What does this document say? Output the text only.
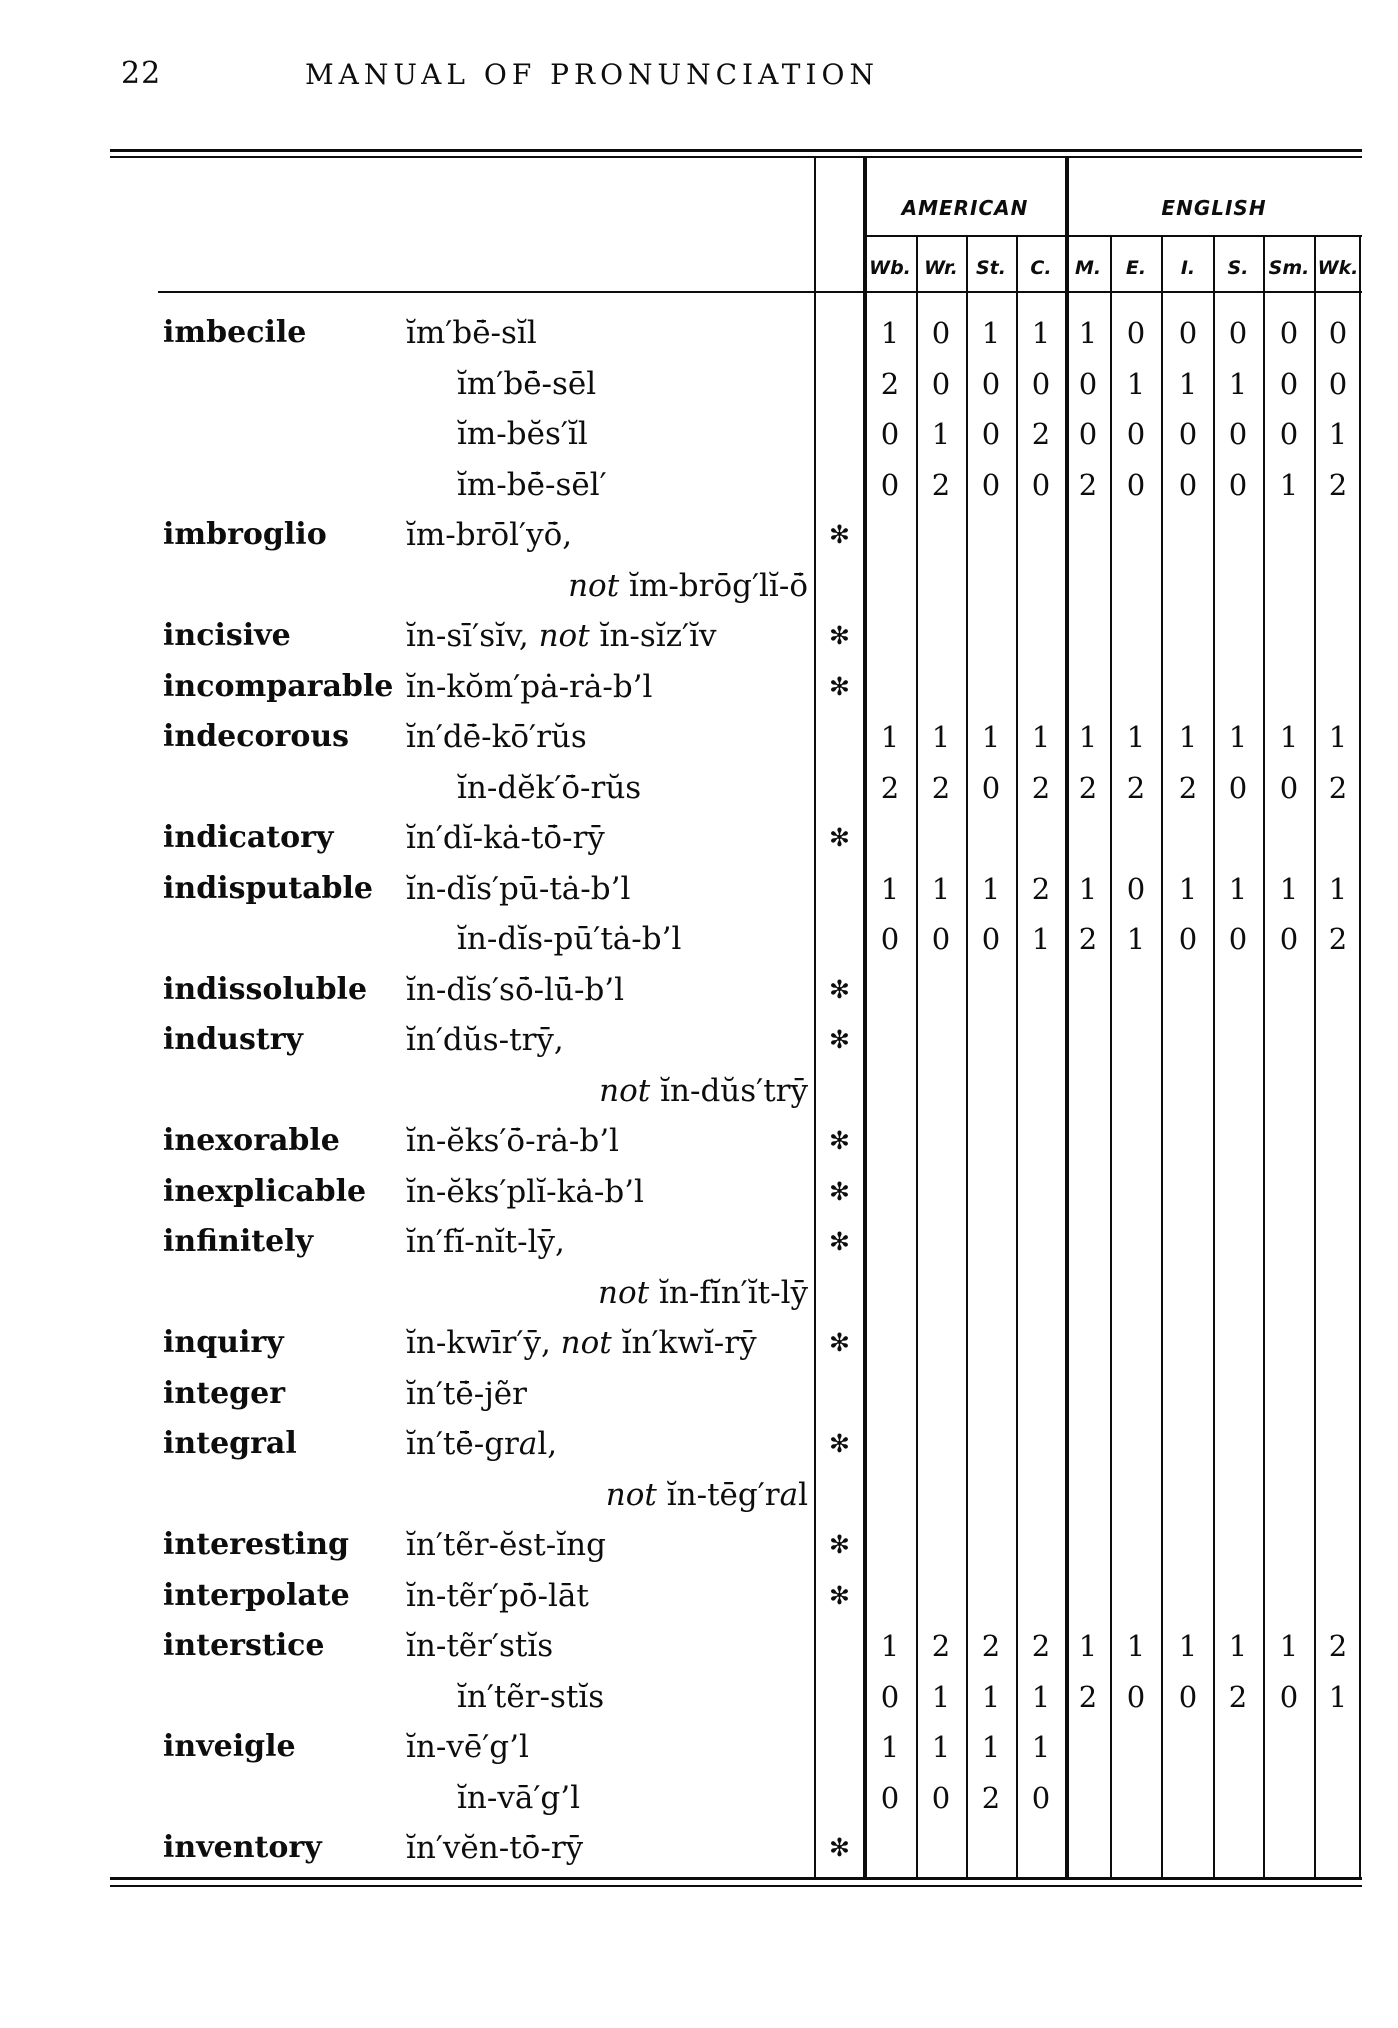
22	MANUAL OF PRONUNCIATION
AMERICAN	ENGLISH
Wb. Wr. St.	C.	M.	E.	I.	S.	Sm. Wk.
imbecile	ĭm′bē̇-sĭl	1	0	1	1 1	0	0	0	0	0
ĭm′bē̇-sēl	2	0	0	0 0	1	1	1	0	0
ĭm-bĕs′ĭl	0	1	0	2 0	0	0	0	0	1
ĭm-bē̇-sēl′	0	2	0	0 2	0	0	0	1	2
imbroglio	ĭm-brōl′yō̇,	✻
not ĭm-brōg′lĭ-ō̇
incisive	ĭn-sī′sĭv, not ĭn-sĭz′ĭv	✻
incomparable ĭn-kŏm′pȧ-rȧ-b’l	✻
indecorous ĭn′dē̇-kō′rŭs	1	1	1	1 1	1	1	1	1	1
ĭn-dĕk′ō̇-rŭs	2	2	0	2 2	2	2	0	0	2
indicatory ĭn′dĭ-kȧ-tō̇-rȳ	✻
indisputable ĭn-dĭs′pū-tȧ-b’l	1	1	1	2 1	0	1	1	1	1
ĭn-dĭs-pū′tȧ-b’l	0	0	0	1 2	1	0	0	0	2
indissoluble ĭn-dĭs′sō̇-lū̇-b’l	✻
industry	ĭn′dŭs-trȳ,	✻
not ĭn-dŭs′trȳ
inexorable ĭn-ĕks′ō̇-rȧ-b’l	✻
inexplicable ĭn-ĕks′plĭ-kȧ-b’l	✻
infinitely	ĭn′fĭ-nĭt-lȳ,	✻
not ĭn-fĭn′ĭt-lȳ
inquiry	ĭn-kwīr′ȳ, not ĭn′kwĭ-rȳ	✻
integer	ĭn′tē̇-jẽr
integral	ĭn′tē̇-gral,	✻
not ĭn-tēg′ral
interesting ĭn′tẽr-ĕst-ĭng	✻
interpolate ĭn-tẽr′pō̇-lāt	✻
interstice	ĭn-tẽr′stĭs	1	2	2	2 1	1	1	1	1	2
ĭn′tẽr-stĭs	0	1	1	1 2	0	0	2	0	1
inveigle	ĭn-vē′g’l	1	1	1	1
ĭn-vā′g’l	0	0	2	0
inventory	ĭn′vĕn-tō̇-rȳ	✻
